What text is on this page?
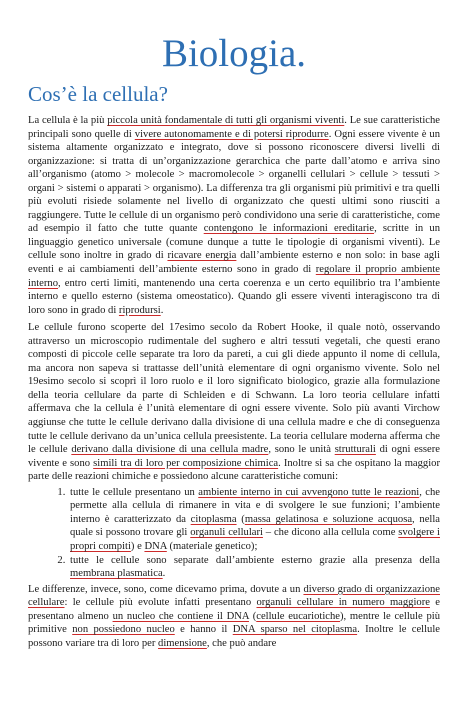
Biologia.
Cos’è la cellula?

La cellula è la più piccola unità fondamentale di tutti gli organismi viventi. Le sue caratteristiche principali sono quelle di vivere autonomamente e di potersi riprodurre. Ogni essere vivente è un sistema altamente organizzato e integrato, dove si possono riconoscere diversi livelli di organizzazione: si tratta di un’organizzazione gerarchica che parte dall’atomo e arriva sino all’organismo (atomo > molecole > macromolecole > organelli cellulari > cellule > tessuti > organi > sistemi o apparati > organismo). La differenza tra gli organismi più primitivi e tra quelli più evoluti risiede solamente nel livello di organizzato che questi ultimi sono riusciti a raggiungere. Tutte le cellule di un organismo però condividono una serie di caratteristiche, come ad esempio il fatto che tutte quante contengono le informazioni ereditarie, scritte in un linguaggio genetico universale (comune dunque a tutte le tipologie di organismi viventi). Le cellule sono inoltre in grado di ricavare energia dall’ambiente esterno e non solo: in base agli eventi e ai cambiamenti dell’ambiente esterno sono in grado di regolare il proprio ambiente interno, entro certi limiti, mantenendo una certa coerenza e un certo equilibrio tra l’ambiente interno e quello esterno (sistema omeostatico). Quando gli essere viventi interagiscono tra di loro sono in grado di riprodursi.

Le cellule furono scoperte del 17esimo secolo da Robert Hooke, il quale notò, osservando attraverso un microscopio rudimentale del sughero e altri tessuti vegetali, che questi erano composti di piccole celle separate tra loro da pareti, a cui gli diede appunto il nome di cellula, ma ancora non sapeva si trattasse dell’unità elementare di ogni organismo vivente. Solo nel 19esimo secolo si scoprì il loro ruolo e il loro significato biologico, grazie alla formulazione della teoria cellulare da parte di Schleiden e di Schwann. La loro teoria cellulare infatti affermava che la cellula è l’unità elementare di ogni essere vivente. Solo più avanti Virchow aggiunse che tutte le cellule derivano dalla divisione di una cellula madre e che di conseguenza tutte le cellule derivano da un’unica cellula preesistente. La teoria cellulare moderna afferma che le cellule derivano dalla divisione di una cellula madre, sono le unità strutturali di ogni essere vivente e sono simili tra di loro per composizione chimica. Inoltre si sa che ospitano la maggior parte delle reazioni chimiche e possiedono alcune caratteristiche comuni:

1. tutte le cellule presentano un ambiente interno in cui avvengono tutte le reazioni, che permette alla cellula di rimanere in vita e di svolgere le sue funzioni; l’ambiente interno è caratterizzato da citoplasma (massa gelatinosa e soluzione acquosa, nella quale si possono trovare gli organuli cellulari – che dicono alla cellula come svolgere i propri compiti) e DNA (materiale genetico);
2. tutte le cellule sono separate dall’ambiente esterno grazie alla presenza della membrana plasmatica.

Le differenze, invece, sono, come dicevamo prima, dovute a un diverso grado di organizzazione cellulare: le cellule più evolute infatti presentano organuli cellulare in numero maggiore e presentano almeno un nucleo che contiene il DNA (cellule eucariotiche), mentre le cellule più primitive non possiedono nucleo e hanno il DNA sparso nel citoplasma. Inoltre le cellule possono variare tra di loro per dimensione, che può andare
